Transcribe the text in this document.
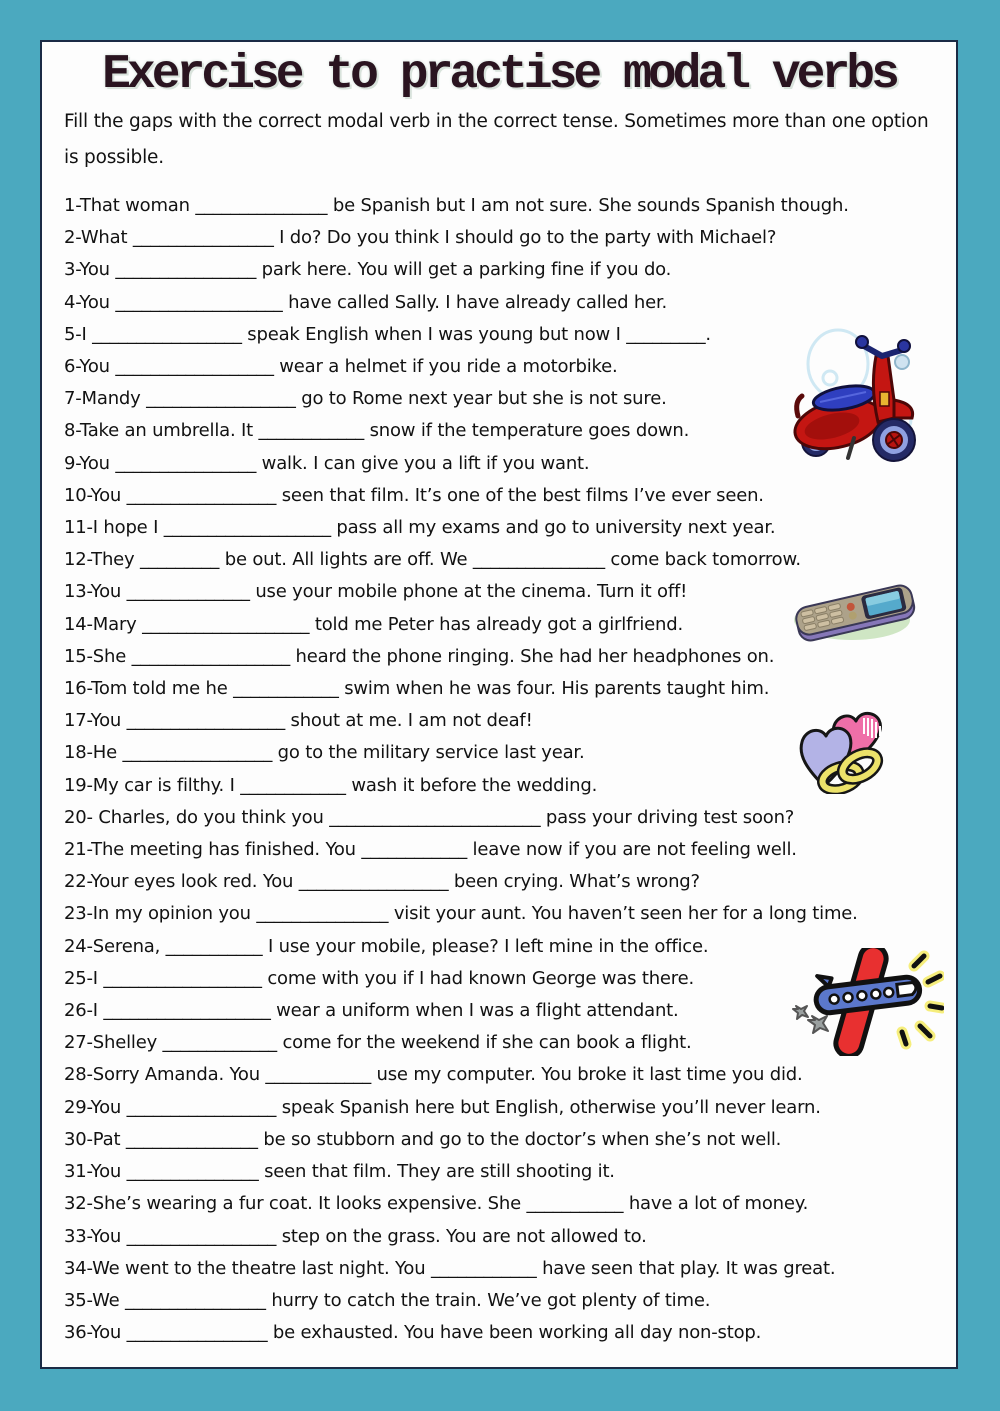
Exercise to practise modal verbs

Fill the gaps with the correct modal verb in the correct tense. Sometimes more than one option is possible.

1-That woman _______________ be Spanish but I am not sure. She sounds Spanish though.

2-What ________________ I do? Do you think I should go to the party with Michael?

3-You ________________ park here. You will get a parking fine if you do.

4-You ___________________ have called Sally. I have already called her.

5-I _________________ speak English when I was young but now I _________.

6-You __________________ wear a helmet if you ride a motorbike.

7-Mandy _________________ go to Rome next year but she is not sure.

8-Take an umbrella. It ____________ snow if the temperature goes down.

9-You ________________ walk. I can give you a lift if you want.

10-You _________________ seen that film. It’s one of the best films I’ve ever seen.

11-I hope I ___________________ pass all my exams and go to university next year.

12-They _________ be out. All lights are off. We _______________ come back tomorrow.

13-You ______________ use your mobile phone at the cinema. Turn it off!

14-Mary ___________________ told me Peter has already got a girlfriend.

15-She __________________ heard the phone ringing. She had her headphones on.

16-Tom told me he ____________ swim when he was four. His parents taught him.

17-You __________________ shout at me. I am not deaf!

18-He _________________ go to the military service last year.

19-My car is filthy. I ____________ wash it before the wedding.

20- Charles, do you think you ________________________ pass your driving test soon?

21-The meeting has finished. You ____________ leave now if you are not feeling well.

22-Your eyes look red. You _________________ been crying. What’s wrong?

23-In my opinion you _______________ visit your aunt. You haven’t seen her for a long time.

24-Serena, ___________ I use your mobile, please? I left mine in the office.

25-I __________________ come with you if I had known George was there.

26-I ___________________ wear a uniform when I was a flight attendant.

27-Shelley _____________ come for the weekend if she can book a flight.

28-Sorry Amanda. You ____________ use my computer. You broke it last time you did.

29-You _________________ speak Spanish here but English, otherwise you’ll never learn.

30-Pat _______________ be so stubborn and go to the doctor’s when she’s not well.

31-You _______________ seen that film. They are still shooting it.

32-She’s wearing a fur coat. It looks expensive. She ___________ have a lot of money.

33-You _________________ step on the grass. You are not allowed to.

34-We went to the theatre last night. You ____________ have seen that play. It was great.

35-We ________________ hurry to catch the train. We’ve got plenty of time.

36-You ________________ be exhausted. You have been working all day non-stop.
